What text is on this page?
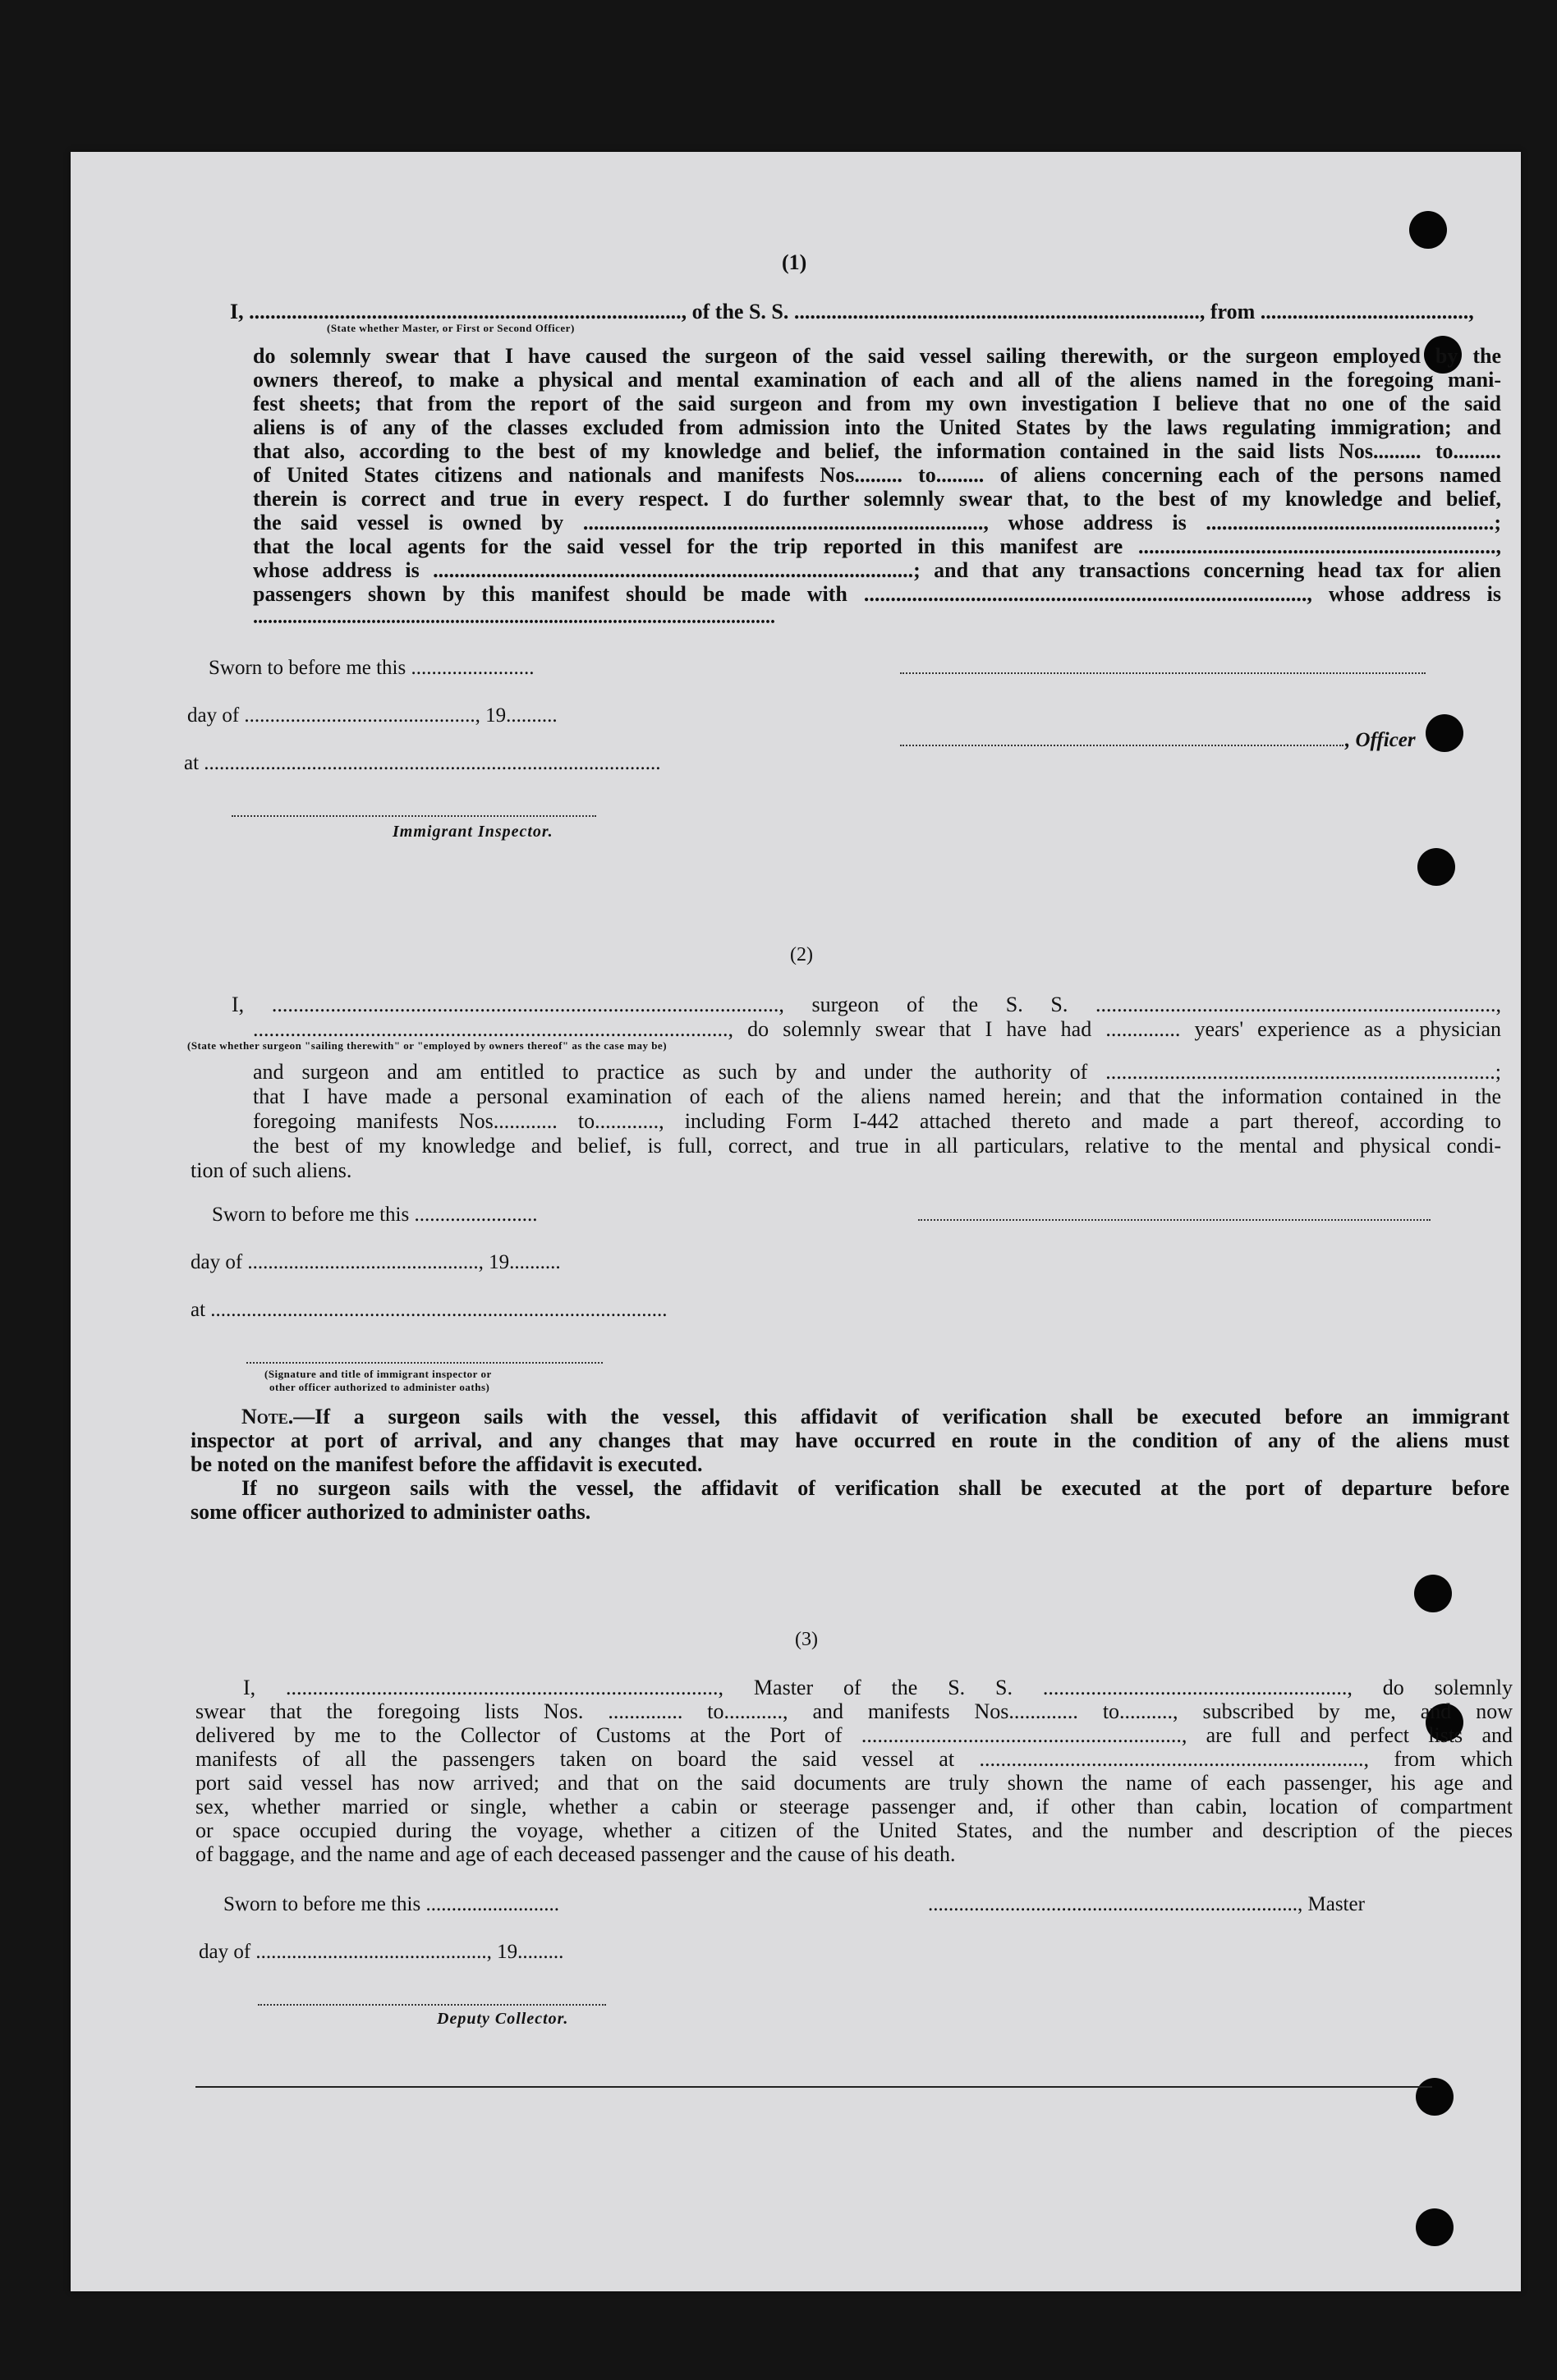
(1)
I, ................................................................................., of the S. S. ............................................................................, from .......................................,
(State whether Master, or First or Second Officer)
do solemnly swear that I have caused the surgeon of the said vessel sailing therewith, or the surgeon employed by the
owners thereof, to make a physical and mental examination of each and all of the aliens named in the foregoing mani-
fest sheets; that from the report of the said surgeon and from my own investigation I believe that no one of the said
aliens is of any of the classes excluded from admission into the United States by the laws regulating immigration; and
that also, according to the best of my knowledge and belief, the information contained in the said lists Nos......... to.........
of United States citizens and nationals and manifests Nos......... to......... of aliens concerning each of the persons named
therein is correct and true in every respect. I do further solemnly swear that, to the best of my knowledge and belief,
the said vessel is owned by ..........................................................................., whose address is ......................................................;
that the local agents for the said vessel for the trip reported in this manifest are ...................................................................,
whose address is ..........................................................................................; and that any transactions concerning head tax for alien
passengers shown by this manifest should be made with ..................................................................................., whose address is
..........................................................................................................
Sworn to before me this ........................
day of ............................................., 19..........
, Officer
at .........................................................................................
Immigrant Inspector.
(2)
I, ..............................................................................................., surgeon of the S. S. ...........................................................................,
........................................................................................., do solemnly swear that I have had .............. years' experience as a physician
(State whether surgeon "sailing therewith" or "employed by owners thereof" as the case may be)
and surgeon and am entitled to practice as such by and under the authority of .........................................................................;
that I have made a personal examination of each of the aliens named herein; and that the information contained in the
foregoing manifests Nos............ to............, including Form I-442 attached thereto and made a part thereof, according to
the best of my knowledge and belief, is full, correct, and true in all particulars, relative to the mental and physical condi-
tion of such aliens.
Sworn to before me this ........................
day of ............................................., 19..........
at .........................................................................................
(Signature and title of immigrant inspector or
other officer authorized to administer oaths)
Note.—If a surgeon sails with the vessel, this affidavit of verification shall be executed before an immigrant
inspector at port of arrival, and any changes that may have occurred en route in the condition of any of the aliens must
be noted on the manifest before the affidavit is executed.
If no surgeon sails with the vessel, the affidavit of verification shall be executed at the port of departure before
some officer authorized to administer oaths.
(3)
I, ................................................................................., Master of the S. S. ........................................................., do solemnly
swear that the foregoing lists Nos. .............. to..........., and manifests Nos............. to.........., subscribed by me, and now
delivered by me to the Collector of Customs at the Port of ............................................................, are full and perfect lists and
manifests of all the passengers taken on board the said vessel at ........................................................................, from which
port said vessel has now arrived; and that on the said documents are truly shown the name of each passenger, his age and
sex, whether married or single, whether a cabin or steerage passenger and, if other than cabin, location of compartment
or space occupied during the voyage, whether a citizen of the United States, and the number and description of the pieces
of baggage, and the name and age of each deceased passenger and the cause of his death.
Sworn to before me this ..........................	........................................................................, Master
day of ............................................., 19.........
Deputy Collector.
